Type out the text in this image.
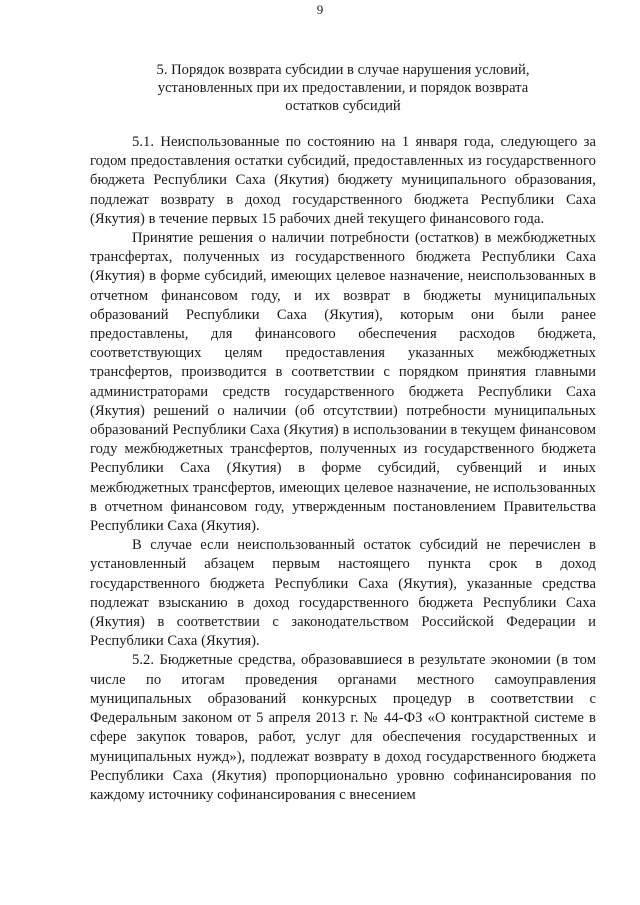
9
5. Порядок возврата субсидии в случае нарушения условий,
установленных при их предоставлении, и порядок возврата
остатков субсидий

5.1. Неиспользованные по состоянию на 1 января года, следующего за годом предоставления остатки субсидий, предоставленных из государственного бюджета Республики Саха (Якутия) бюджету муниципального образования, подлежат возврату в доход государственного бюджета Республики Саха (Якутия) в течение первых 15 рабочих дней текущего финансового года.

Принятие решения о наличии потребности (остатков) в межбюджетных трансфертах, полученных из государственного бюджета Республики Саха (Якутия) в форме субсидий, имеющих целевое назначение, неиспользованных в отчетном финансовом году, и их возврат в бюджеты муниципальных образований Республики Саха (Якутия), которым они были ранее предоставлены, для финансового обеспечения расходов бюджета, соответствующих целям предоставления указанных межбюджетных трансфертов, производится в соответствии с порядком принятия главными администраторами средств государственного бюджета Республики Саха (Якутия) решений о наличии (об отсутствии) потребности муниципальных образований Республики Саха (Якутия) в использовании в текущем финансовом году межбюджетных трансфертов, полученных из государственного бюджета Республики Саха (Якутия) в форме субсидий, субвенций и иных межбюджетных трансфертов, имеющих целевое назначение, не использованных в отчетном финансовом году, утвержденным постановлением Правительства Республики Саха (Якутия).

В случае если неиспользованный остаток субсидий не перечислен в установленный абзацем первым настоящего пункта срок в доход государственного бюджета Республики Саха (Якутия), указанные средства подлежат взысканию в доход государственного бюджета Республики Саха (Якутия) в соответствии с законодательством Российской Федерации и Республики Саха (Якутия).

5.2. Бюджетные средства, образовавшиеся в результате экономии (в том числе по итогам проведения органами местного самоуправления муниципальных образований конкурсных процедур в соответствии с Федеральным законом от 5 апреля 2013 г. № 44-ФЗ «О контрактной системе в сфере закупок товаров, работ, услуг для обеспечения государственных и муниципальных нужд»), подлежат возврату в доход государственного бюджета Республики Саха (Якутия) пропорционально уровню софинансирования по каждому источнику софинансирования с внесением
